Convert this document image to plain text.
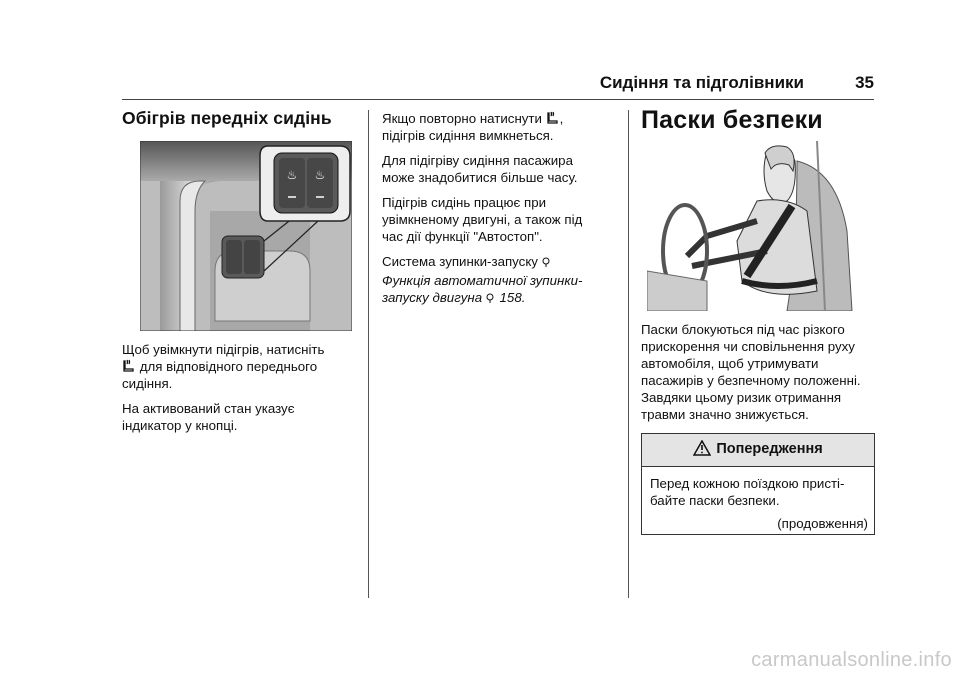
Сидіння та підголівники	35
Обігрів передніх сидінь
♨ ♨

Щоб увімкнути підігрів, натисніть
для відповідного переднього
сидіння.

На активований стан указує індикатор у кнопці.

Якщо повторно натиснути ,
підігрів сидіння вимкнеться.

Для підігріву сидіння пасажира може знадобитися більше часу.

Підігрів сидінь працює при увімкненому двигуні, а також під час дії функції "Автостоп".

Система зупинки-запуску

Функція автоматичної зупинки-запуску двигуна 158.

Паски безпеки

Паски блокуються під час різкого прискорення чи сповільнення руху автомобіля, щоб утримувати пасажирів у безпечному положенні. Завдяки цьому ризик отримання травми значно знижується.

Попередження
Перед кожною поїздкою присті-байте паски безпеки.
(продовження)
carmanualsonline.info
